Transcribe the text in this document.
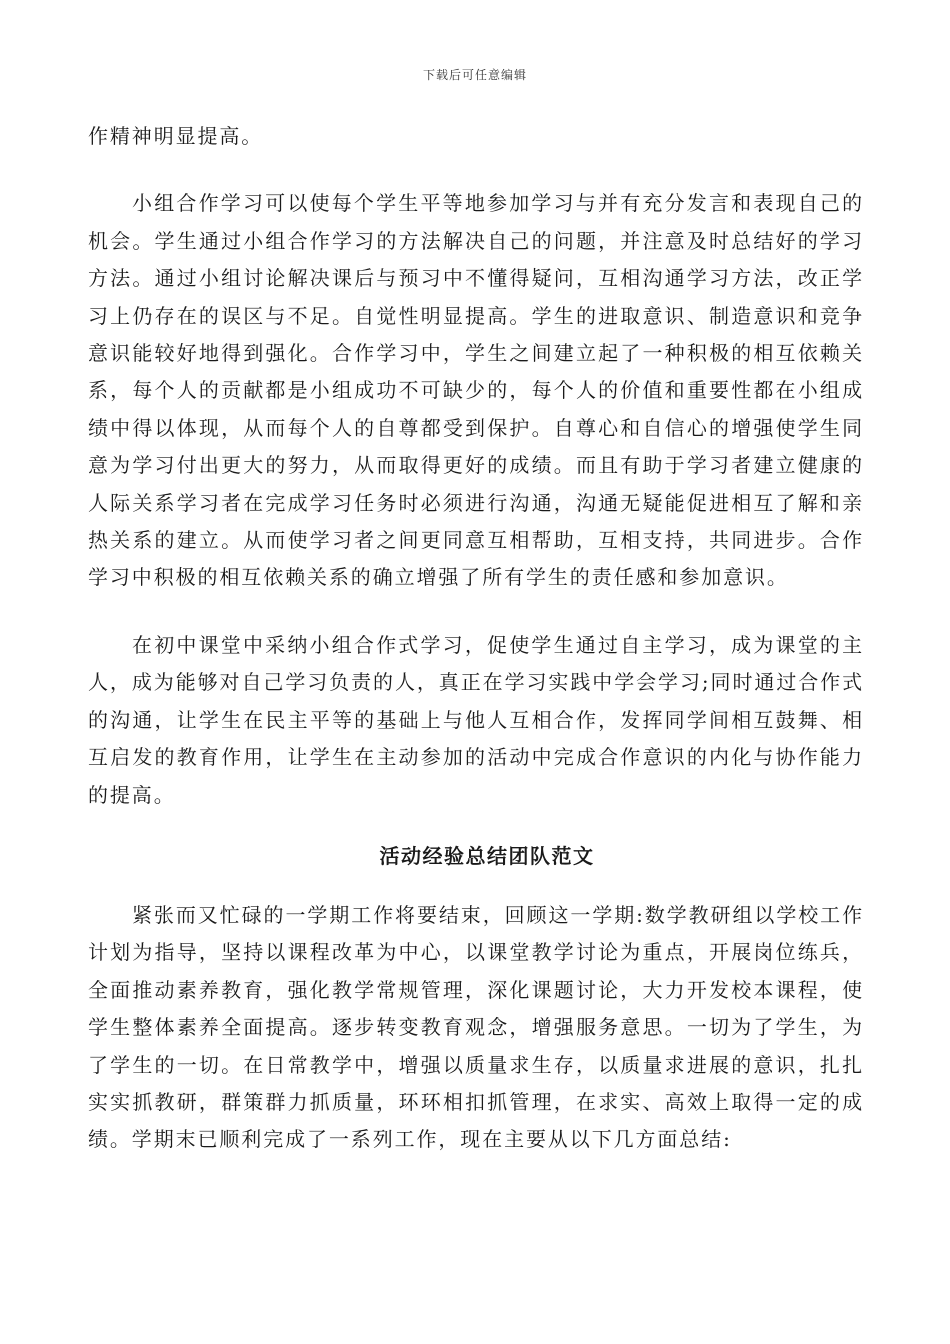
下载后可任意编辑

作精神明显提高。

小组合作学习可以使每个学生平等地参加学习与并有充分发言和表现自己的机会。学生通过小组合作学习的方法解决自己的问题，并注意及时总结好的学习方法。通过小组讨论解决课后与预习中不懂得疑问，互相沟通学习方法，改正学习上仍存在的误区与不足。自觉性明显提高。学生的进取意识、制造意识和竞争意识能较好地得到强化。合作学习中，学生之间建立起了一种积极的相互依赖关系，每个人的贡献都是小组成功不可缺少的，每个人的价值和重要性都在小组成绩中得以体现，从而每个人的自尊都受到保护。自尊心和自信心的增强使学生同意为学习付出更大的努力，从而取得更好的成绩。而且有助于学习者建立健康的人际关系学习者在完成学习任务时必须进行沟通，沟通无疑能促进相互了解和亲热关系的建立。从而使学习者之间更同意互相帮助，互相支持，共同进步。合作学习中积极的相互依赖关系的确立增强了所有学生的责任感和参加意识。

在初中课堂中采纳小组合作式学习，促使学生通过自主学习，成为课堂的主人，成为能够对自己学习负责的人，真正在学习实践中学会学习;同时通过合作式的沟通，让学生在民主平等的基础上与他人互相合作，发挥同学间相互鼓舞、相互启发的教育作用，让学生在主动参加的活动中完成合作意识的内化与协作能力的提高。

活动经验总结团队范文

紧张而又忙碌的一学期工作将要结束，回顾这一学期:数学教研组以学校工作计划为指导，坚持以课程改革为中心，以课堂教学讨论为重点，开展岗位练兵，全面推动素养教育，强化教学常规管理，深化课题讨论，大力开发校本课程，使学生整体素养全面提高。逐步转变教育观念，增强服务意思。一切为了学生，为了学生的一切。在日常教学中，增强以质量求生存，以质量求进展的意识，扎扎实实抓教研，群策群力抓质量，环环相扣抓管理，在求实、高效上取得一定的成绩。学期末已顺利完成了一系列工作，现在主要从以下几方面总结:
